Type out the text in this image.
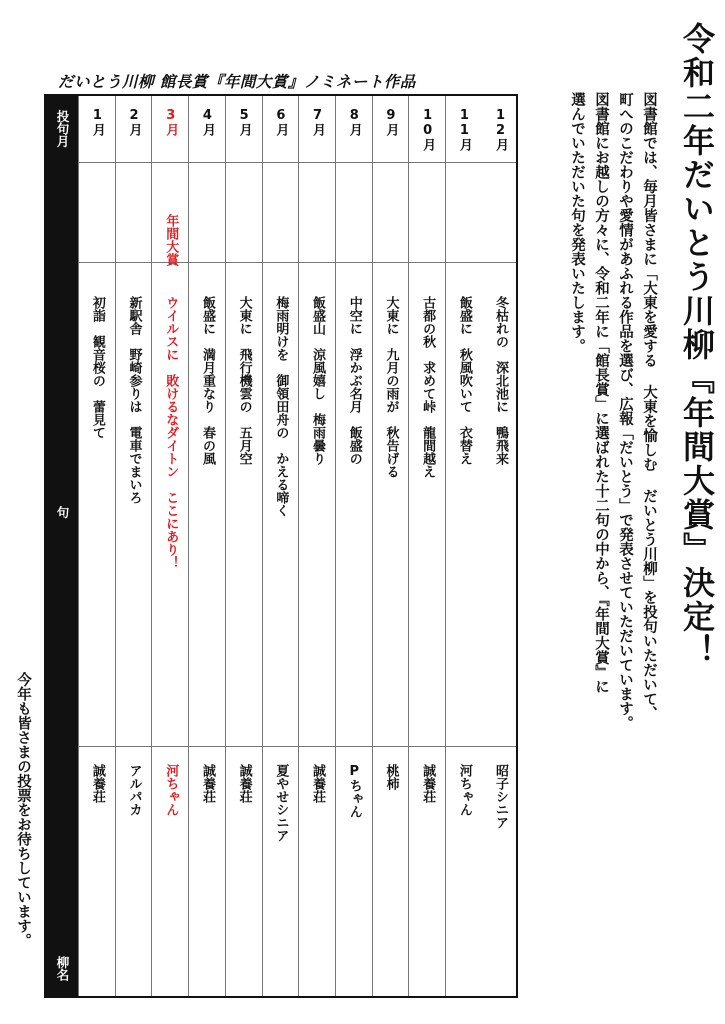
令和二年だいとう川柳『年間大賞』決定！

図書館では、毎月皆さまに「大東を愛する 大東を愉しむ だいとう川柳」を投句いただいて、

町へのこだわりや愛情があふれる作品を選び、広報「だいとう」で発表させていただいています。

図書館にお越しの方々に、令和二年に「館長賞」に選ばれた十二句の中から、『年間大賞』に

選んでいただいた句を発表いたします。

だいとう川柳 館長賞『年間大賞』ノミネート作品

投句月
句
柳名
1月
初詣　観音桜の　蕾見て
誠養荘
2月
新駅舎　野崎参りは　電車でまいろ
アルパカ
3月
年間大賞
ウイルスに　敗けるなダイトン　ここにあり！
河ちゃん
4月
飯盛に　満月重なり　春の風
誠養荘
5月
大東に　飛行機雲の　五月空
誠養荘
6月
梅雨明けを　御領田舟の　かえる啼く
夏やせシニア
7月
飯盛山　涼風嬉し　梅雨曇り
誠養荘
8月
中空に　浮かぶ名月　飯盛の
Pちゃん
9月
大東に　九月の雨が　秋告げる
桃柿
10月
古都の秋　求めて峠　龍間越え
誠養荘
11月
飯盛に　秋風吹いて　衣替え
河ちゃん
12月
冬枯れの　深北池に　鴨飛来
昭子シニア

今年も皆さまの投票をお待ちしています。
